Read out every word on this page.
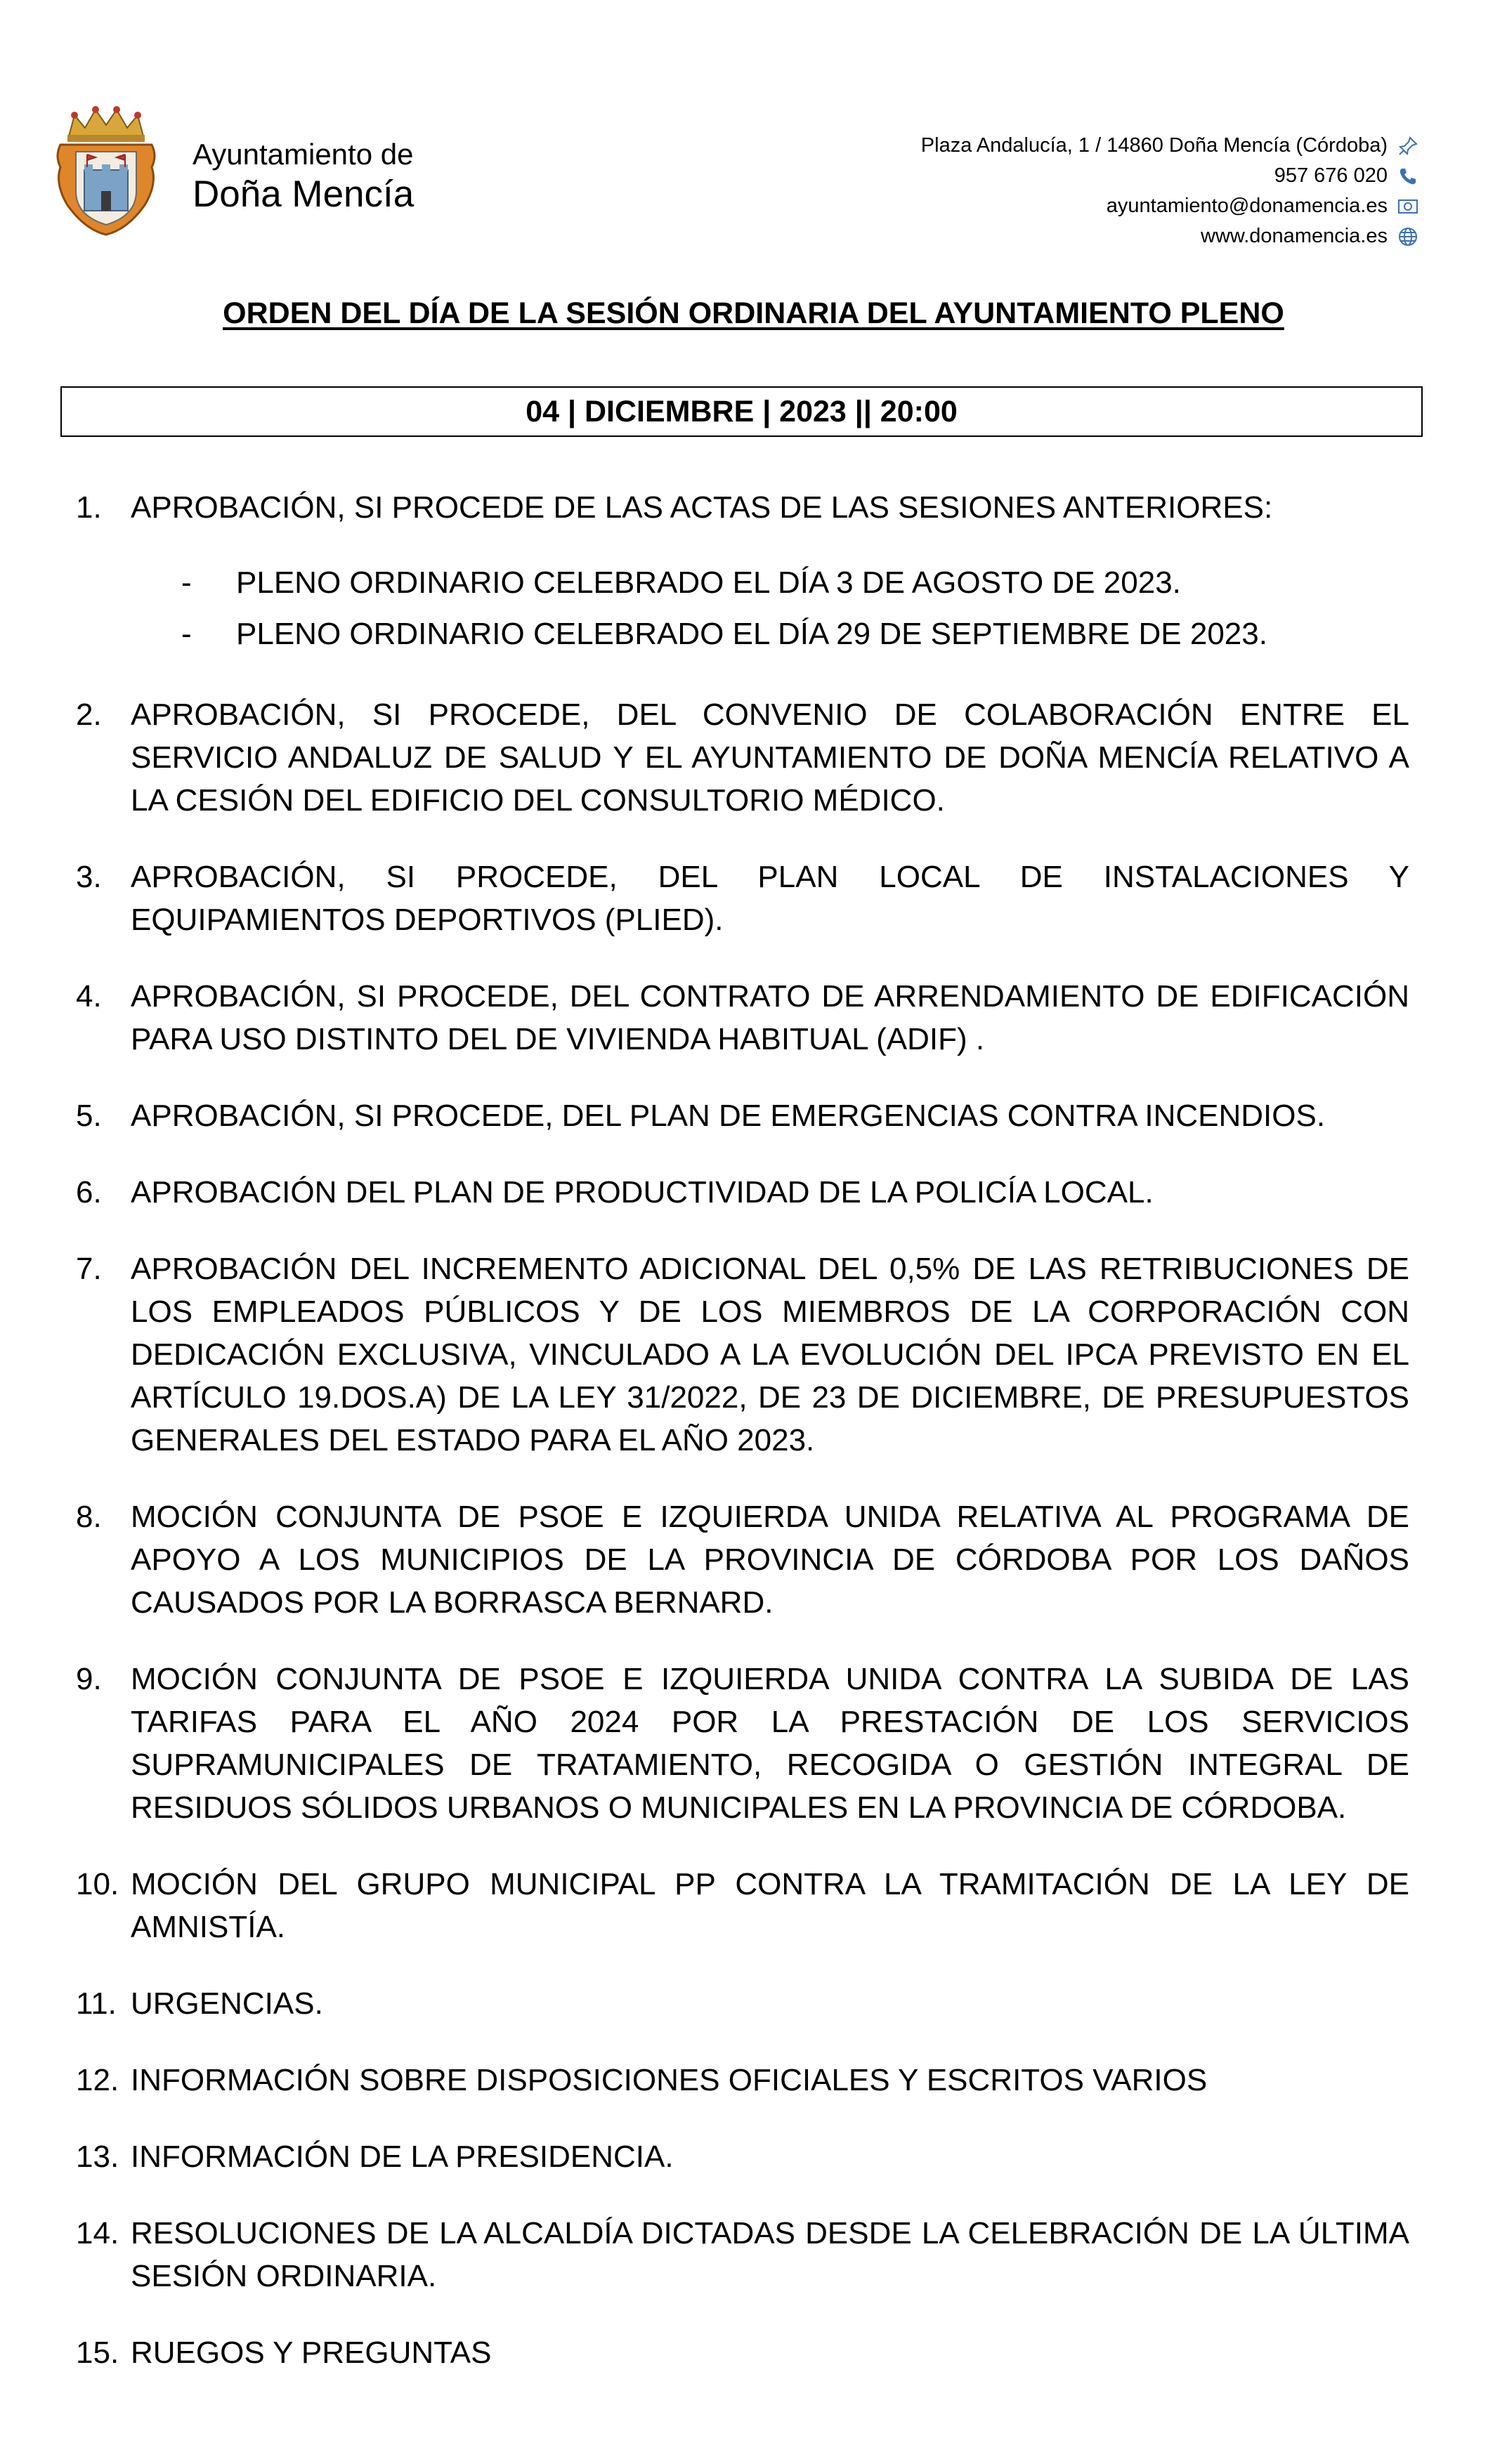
Ayuntamiento de
Doña Mencía
Plaza Andalucía, 1 / 14860 Doña Mencía (Córdoba)
957 676 020
ayuntamiento@donamencia.es
www.donamencia.es
ORDEN DEL DÍA DE LA SESIÓN ORDINARIA DEL AYUNTAMIENTO PLENO
04 | DICIEMBRE | 2023 || 20:00
1. APROBACIÓN, SI PROCEDE DE LAS ACTAS DE LAS SESIONES ANTERIORES:
- PLENO ORDINARIO CELEBRADO EL DÍA 3 DE AGOSTO DE 2023.
- PLENO ORDINARIO CELEBRADO EL DÍA 29 DE SEPTIEMBRE DE 2023.
2. APROBACIÓN, SI PROCEDE, DEL CONVENIO DE COLABORACIÓN ENTRE EL SERVICIO ANDALUZ DE SALUD Y EL AYUNTAMIENTO DE DOÑA MENCÍA RELATIVO A LA CESIÓN DEL EDIFICIO DEL CONSULTORIO MÉDICO.
3. APROBACIÓN, SI PROCEDE, DEL PLAN LOCAL DE INSTALACIONES Y EQUIPAMIENTOS DEPORTIVOS (PLIED).
4. APROBACIÓN, SI PROCEDE, DEL CONTRATO DE ARRENDAMIENTO DE EDIFICACIÓN PARA USO DISTINTO DEL DE VIVIENDA HABITUAL (ADIF) .
5. APROBACIÓN, SI PROCEDE, DEL PLAN DE EMERGENCIAS CONTRA INCENDIOS.
6. APROBACIÓN DEL PLAN DE PRODUCTIVIDAD DE LA POLICÍA LOCAL.
7. APROBACIÓN DEL INCREMENTO ADICIONAL DEL 0,5% DE LAS RETRIBUCIONES DE LOS EMPLEADOS PÚBLICOS Y DE LOS MIEMBROS DE LA CORPORACIÓN CON DEDICACIÓN EXCLUSIVA, VINCULADO A LA EVOLUCIÓN DEL IPCA PREVISTO EN EL ARTÍCULO 19.DOS.A) DE LA LEY 31/2022, DE 23 DE DICIEMBRE, DE PRESUPUESTOS GENERALES DEL ESTADO PARA EL AÑO 2023.
8. MOCIÓN CONJUNTA DE PSOE E IZQUIERDA UNIDA RELATIVA AL PROGRAMA DE APOYO A LOS MUNICIPIOS DE LA PROVINCIA DE CÓRDOBA POR LOS DAÑOS CAUSADOS POR LA BORRASCA BERNARD.
9. MOCIÓN CONJUNTA DE PSOE E IZQUIERDA UNIDA CONTRA LA SUBIDA DE LAS TARIFAS PARA EL AÑO 2024 POR LA PRESTACIÓN DE LOS SERVICIOS SUPRAMUNICIPALES DE TRATAMIENTO, RECOGIDA O GESTIÓN INTEGRAL DE RESIDUOS SÓLIDOS URBANOS O MUNICIPALES EN LA PROVINCIA DE CÓRDOBA.
10. MOCIÓN DEL GRUPO MUNICIPAL PP CONTRA LA TRAMITACIÓN DE LA LEY DE AMNISTÍA.
11. URGENCIAS.
12. INFORMACIÓN SOBRE DISPOSICIONES OFICIALES Y ESCRITOS VARIOS
13. INFORMACIÓN DE LA PRESIDENCIA.
14. RESOLUCIONES DE LA ALCALDÍA DICTADAS DESDE LA CELEBRACIÓN DE LA ÚLTIMA SESIÓN ORDINARIA.
15. RUEGOS Y PREGUNTAS
